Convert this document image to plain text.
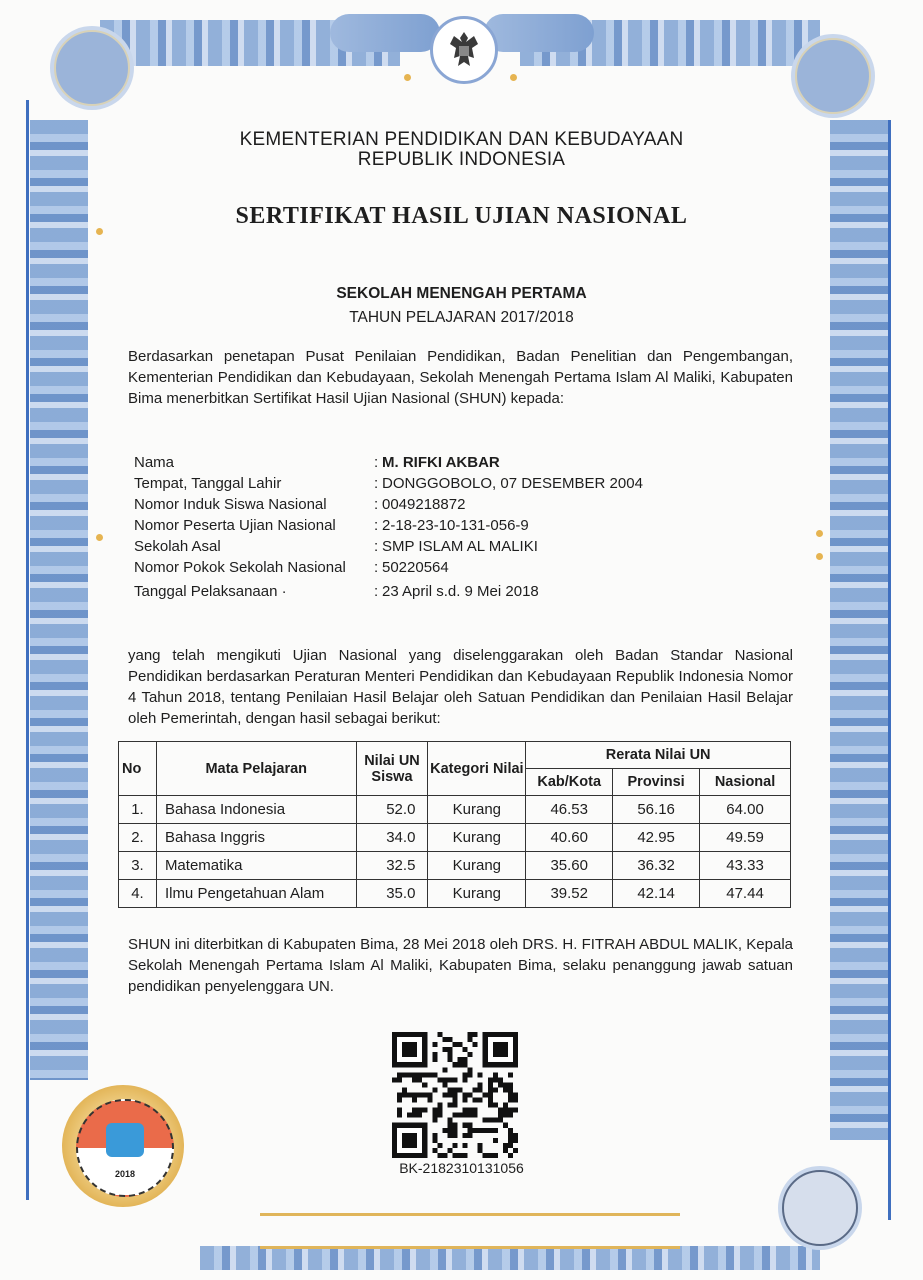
KEMENTERIAN PENDIDIKAN DAN KEBUDAYAAN
REPUBLIK INDONESIA
SERTIFIKAT HASIL UJIAN NASIONAL
SEKOLAH MENENGAH PERTAMA
TAHUN PELAJARAN 2017/2018
Berdasarkan penetapan Pusat Penilaian Pendidikan, Badan Penelitian dan Pengembangan, Kementerian Pendidikan dan Kebudayaan, Sekolah Menengah Pertama Islam Al Maliki, Kabupaten Bima menerbitkan Sertifikat Hasil Ujian Nasional (SHUN) kepada:
Nama	: M. RIFKI AKBAR
Tempat, Tanggal Lahir	: DONGGOBOLO, 07 DESEMBER 2004
Nomor Induk Siswa Nasional	: 0049218872
Nomor Peserta Ujian Nasional	: 2-18-23-10-131-056-9
Sekolah Asal	: SMP ISLAM AL MALIKI
Nomor Pokok Sekolah Nasional	: 50220564
Tanggal Pelaksanaan ·	: 23 April s.d. 9 Mei 2018
yang telah mengikuti Ujian Nasional yang diselenggarakan oleh Badan Standar Nasional Pendidikan berdasarkan Peraturan Menteri Pendidikan dan Kebudayaan Republik Indonesia Nomor 4 Tahun 2018, tentang Penilaian Hasil Belajar oleh Satuan Pendidikan dan Penilaian Hasil Belajar oleh Pemerintah, dengan hasil sebagai berikut:
No	Mata Pelajaran	Nilai UN Siswa	Kategori Nilai	Rerata Nilai UN		
				Kab/Kota	Provinsi	Nasional
1.	Bahasa Indonesia	52.0	Kurang	46.53	56.16	64.00
2.	Bahasa Inggris	34.0	Kurang	40.60	42.95	49.59
3.	Matematika	32.5	Kurang	35.60	36.32	43.33
4.	Ilmu Pengetahuan Alam	35.0	Kurang	39.52	42.14	47.44
SHUN ini diterbitkan di Kabupaten Bima, 28 Mei 2018 oleh DRS. H. FITRAH ABDUL MALIK, Kepala Sekolah Menengah Pertama Islam Al Maliki, Kabupaten Bima, selaku penanggung jawab satuan pendidikan penyelenggara UN.
BK-2182310131056
2018
